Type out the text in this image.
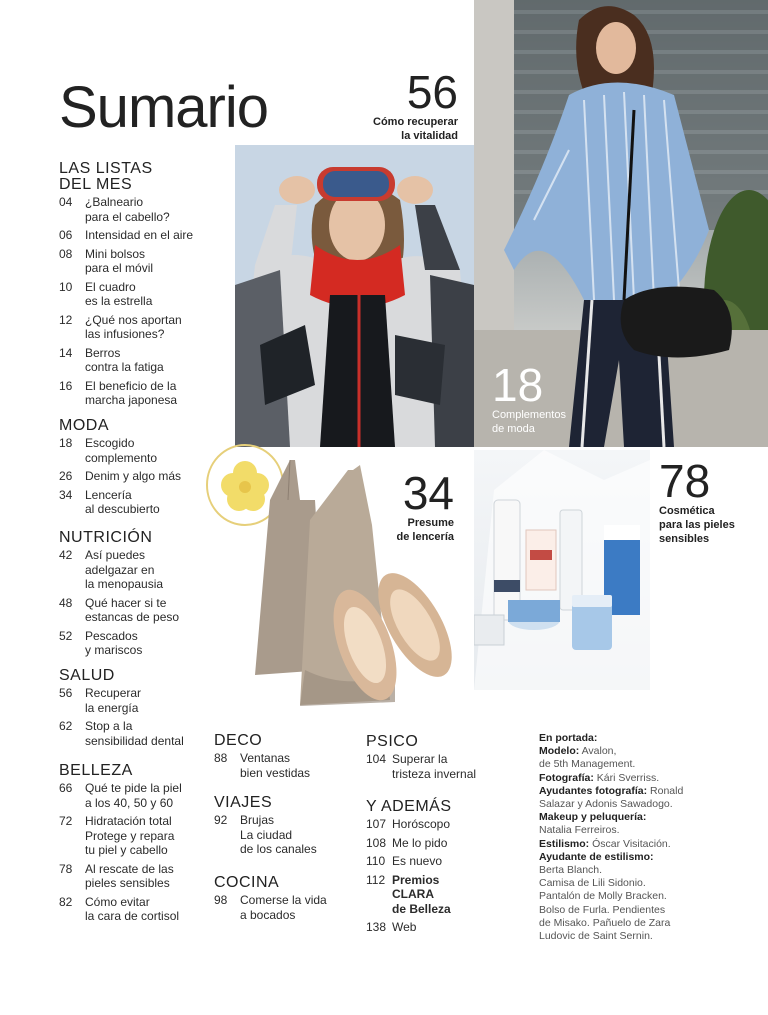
Sumario	56
Cómo recuperar
la vitalidad
18
Complementos
de moda
34
Presume
de lencería
78
Cosmética
para las pieles
sensibles
LAS LISTAS
DEL MES
04	¿Balneario
para el cabello?
06	Intensidad en el aire
08	Mini bolsos
para el móvil
10	El cuadro
es la estrella
12	¿Qué nos aportan
las infusiones?
14	Berros
contra la fatiga
16	El beneficio de la
marcha japonesa
MODA
18	Escogido
complemento
26	Denim y algo más
34	Lencería
al descubierto
NUTRICIÓN
42	Así puedes
adelgazar en
la menopausia
48	Qué hacer si te
estancas de peso
52	Pescados
y mariscos
SALUD
56	Recuperar
la energía
62	Stop a la
sensibilidad dental
BELLEZA
66	Qué te pide la piel
a los 40, 50 y 60
72	Hidratación total
Protege y repara
tu piel y cabello
78	Al rescate de las
pieles sensibles
82	Cómo evitar
la cara de cortisol
DECO
88	Ventanas
bien vestidas
VIAJES
92	Brujas
La ciudad
de los canales
COCINA
98	Comerse la vida
a bocados
PSICO
104 Superar la
tristeza invernal
Y ADEMÁS
107 Horóscopo
108 Me lo pido
110 Es nuevo
112 Premios
CLARA
de Belleza
138 Web
En portada:
Modelo: Avalon,
de 5th Management.
Fotografía: Kári Sverriss.
Ayudantes fotografía: Ronald
Salazar y Adonis Sawadogo.
Makeup y peluquería:
Natalia Ferreiros.
Estilismo: Óscar Visitación.
Ayudante de estilismo:
Berta Blanch.
Camisa de Lili Sidonio.
Pantalón de Molly Bracken.
Bolso de Furla. Pendientes
de Misako. Pañuelo de Zara
Ludovic de Saint Sernin.
